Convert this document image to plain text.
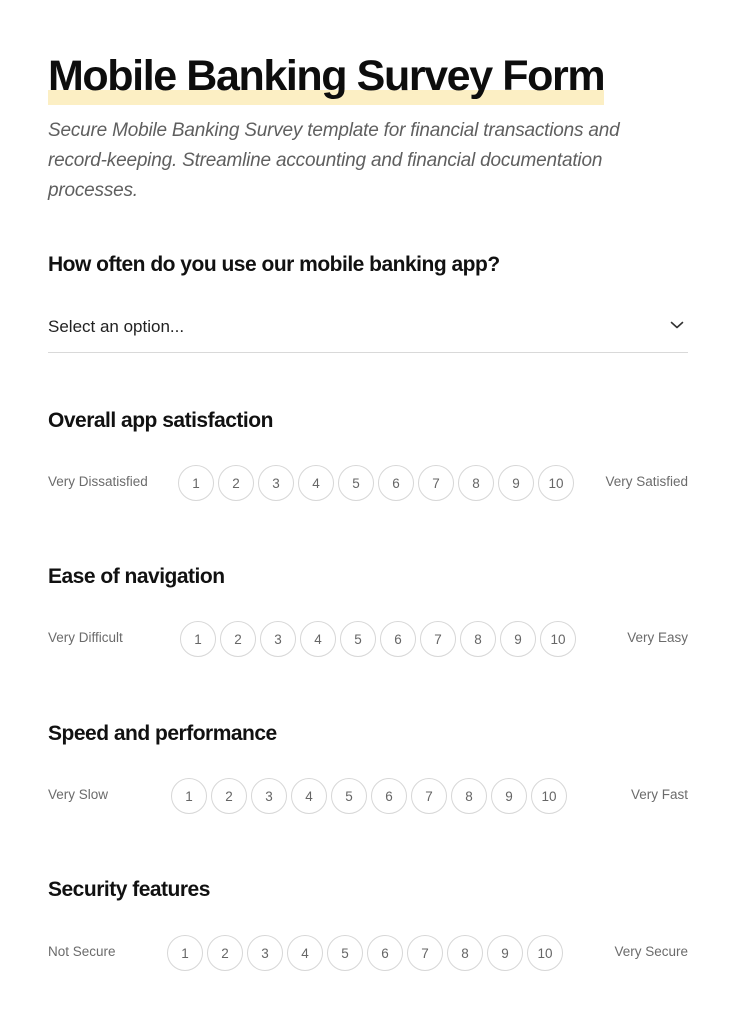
Mobile Banking Survey Form

Secure Mobile Banking Survey template for financial transactions and record-keeping. Streamline accounting and financial documentation processes.

How often do you use our mobile banking app?
Select an option...
Overall app satisfaction
Very Dissatisfied	1	2	3	4	5	6	7	8	9	10	Very Satisfied
Ease of navigation
Very Difficult	1	2	3	4	5	6	7	8	9	10	Very Easy
Speed and performance
Very Slow	1	2	3	4	5	6	7	8	9	10	Very Fast
Security features
Not Secure	1	2	3	4	5	6	7	8	9	10	Very Secure
